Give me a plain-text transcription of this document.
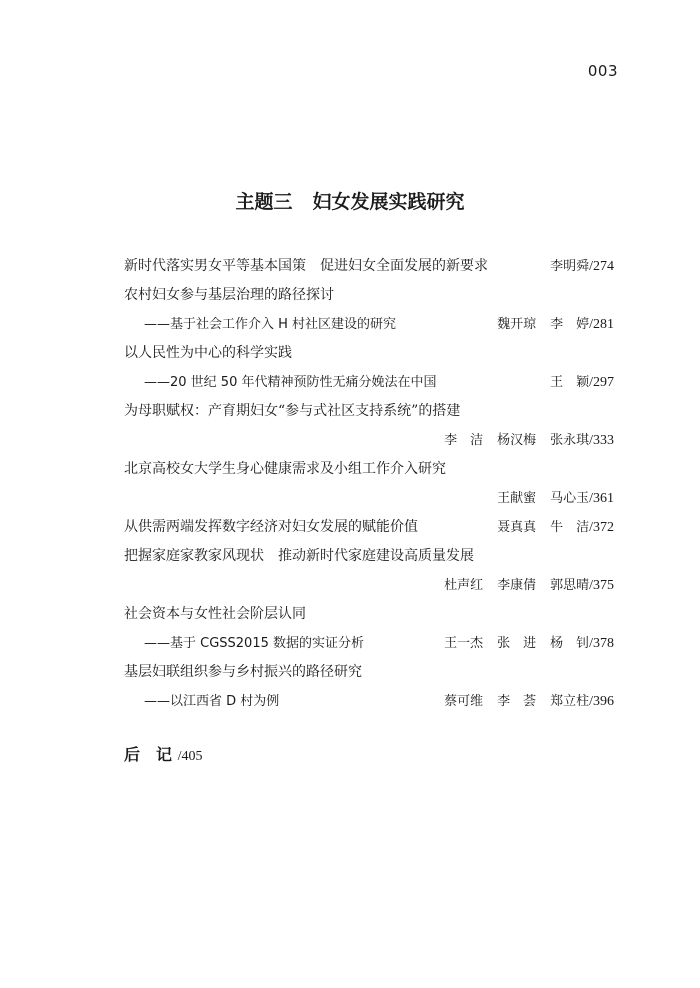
003
主题三 妇女发展实践研究
新时代落实男女平等基本国策　促进妇女全面发展的新要求	李明舜/274
农村妇女参与基层治理的路径探讨
——基于社会工作介入 H 村社区建设的研究	魏开琼 李　婷/281
以人民性为中心的科学实践
——20 世纪 50 年代精神预防性无痛分娩法在中国	王　颖/297
为母职赋权：产育期妇女“参与式社区支持系统”的搭建
李　洁 杨汉梅 张永琪/333
北京高校女大学生身心健康需求及小组工作介入研究
王献蜜 马心玉/361
从供需两端发挥数字经济对妇女发展的赋能价值	聂真真 牛　洁/372
把握家庭家教家风现状　推动新时代家庭建设高质量发展
杜声红 李康倩 郭思晴/375
社会资本与女性社会阶层认同
——基于 CGSS2015 数据的实证分析	王一杰 张　进 杨　钊/378
基层妇联组织参与乡村振兴的路径研究
——以江西省 D 村为例	蔡可维 李　荟 郑立柱/396
后　记 /405
